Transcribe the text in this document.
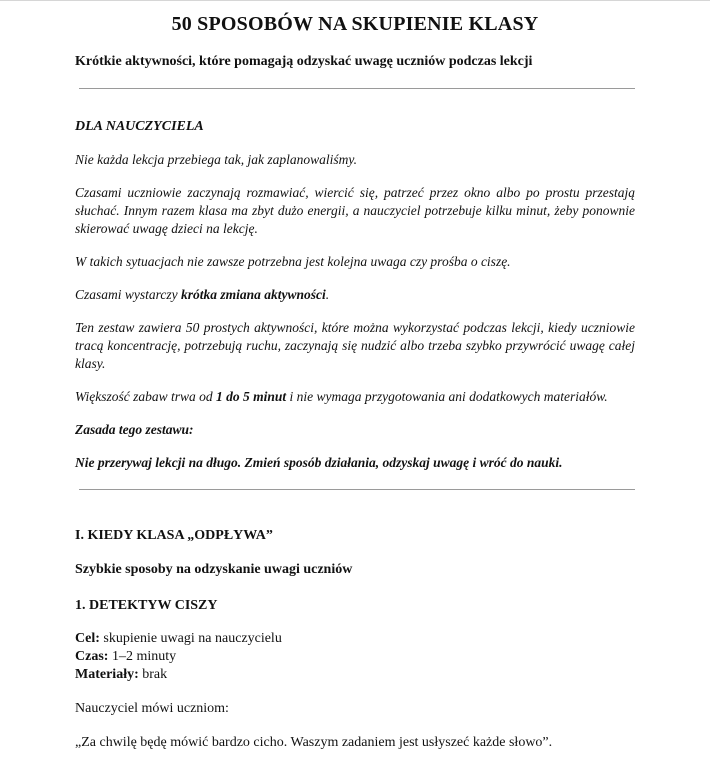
50 SPOSOBÓW NA SKUPIENIE KLASY
Krótkie aktywności, które pomagają odzyskać uwagę uczniów podczas lekcji
DLA NAUCZYCIELA
Nie każda lekcja przebiega tak, jak zaplanowaliśmy.
Czasami uczniowie zaczynają rozmawiać, wiercić się, patrzeć przez okno albo po prostu przestają słuchać. Innym razem klasa ma zbyt dużo energii, a nauczyciel potrzebuje kilku minut, żeby ponownie skierować uwagę dzieci na lekcję.
W takich sytuacjach nie zawsze potrzebna jest kolejna uwaga czy prośba o ciszę.
Czasami wystarczy krótka zmiana aktywności.
Ten zestaw zawiera 50 prostych aktywności, które można wykorzystać podczas lekcji, kiedy uczniowie tracą koncentrację, potrzebują ruchu, zaczynają się nudzić albo trzeba szybko przywrócić uwagę całej klasy.
Większość zabaw trwa od 1 do 5 minut i nie wymaga przygotowania ani dodatkowych materiałów.
Zasada tego zestawu:
Nie przerywaj lekcji na długo. Zmień sposób działania, odzyskaj uwagę i wróć do nauki.
I. KIEDY KLASA „ODPŁYWA”
Szybkie sposoby na odzyskanie uwagi uczniów
1. DETEKTYW CISZY
Cel: skupienie uwagi na nauczycielu
Czas: 1–2 minuty
Materiały: brak
Nauczyciel mówi uczniom:
„Za chwilę będę mówić bardzo cicho. Waszym zadaniem jest usłyszeć każde słowo”.
